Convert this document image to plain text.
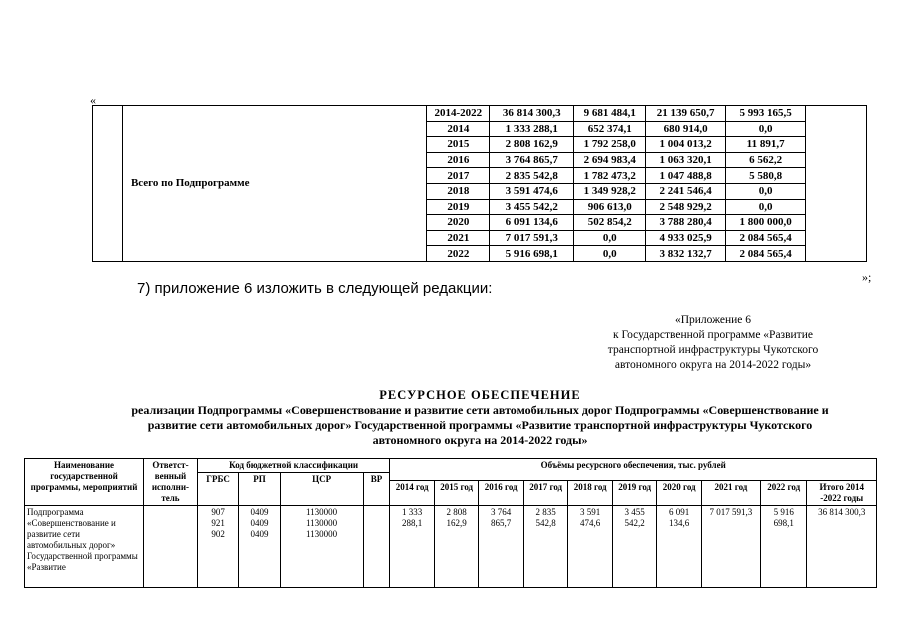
«
	Всего по Подпрограмме	2014-2022	36 814 300,3	9 681 484,1	21 139 650,7	5 993 165,5	
		2014	1 333 288,1	652 374,1	680 914,0	0,0	
		2015	2 808 162,9	1 792 258,0	1 004 013,2	11 891,7	
		2016	3 764 865,7	2 694 983,4	1 063 320,1	6 562,2	
		2017	2 835 542,8	1 782 473,2	1 047 488,8	5 580,8	
		2018	3 591 474,6	1 349 928,2	2 241 546,4	0,0	
		2019	3 455 542,2	906 613,0	2 548 929,2	0,0	
		2020	6 091 134,6	502 854,2	3 788 280,4	1 800 000,0	
		2021	7 017 591,3	0,0	4 933 025,9	2 084 565,4	
		2022	5 916 698,1	0,0	3 832 132,7	2 084 565,4	
»;
7) приложение 6 изложить в следующей редакции:
«Приложение 6
к Государственной программе «Развитие
транспортной инфраструктуры Чукотского
автономного округа на 2014-2022 годы»
РЕСУРСНОЕ ОБЕСПЕЧЕНИЕ
реализации Подпрограммы «Совершенствование и развитие сети автомобильных дорог Подпрограммы «Совершенствование и
развитие сети автомобильных дорог» Государственной программы «Развитие транспортной инфраструктуры Чукотского
автономного округа на 2014-2022 годы»
Наименование государственной программы, мероприятий	Ответст-венный исполни-тель	Код бюджетной классификации				Объёмы ресурсного обеспечения, тыс. рублей									
		ГРБС	РП	ЦСР	ВР										
						2014 год	2015 год	2016 год	2017 год	2018 год	2019 год	2020 год	2021 год	2022 год	Итого 2014 -2022 годы
Подпрограмма «Совершенствование и развитие сети автомобильных дорог» Государственной программы «Развитие		907
921
902	0409
0409
0409	1130000
1130000
1130000		1 333 288,1	2 808 162,9	3 764 865,7	2 835 542,8	3 591 474,6	3 455 542,2	6 091 134,6	7 017 591,3	5 916 698,1	36 814 300,3
